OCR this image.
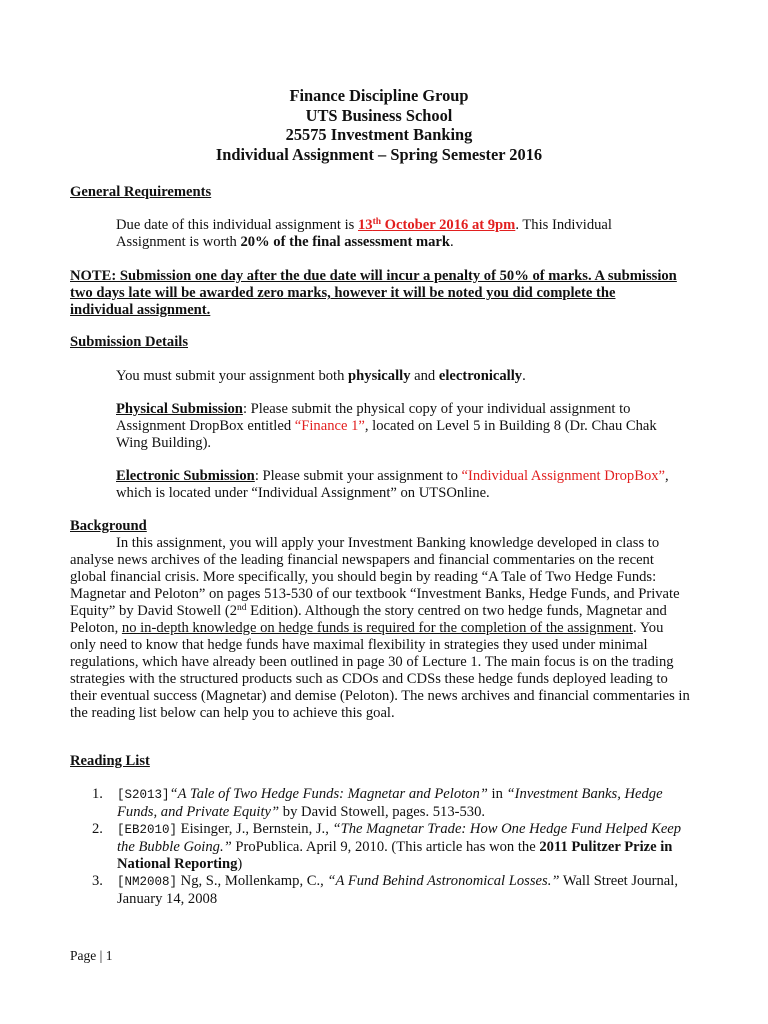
Finance Discipline Group
UTS Business School
25575 Investment Banking
Individual Assignment – Spring Semester 2016
General Requirements
Due date of this individual assignment is 13th October 2016 at 9pm. This Individual Assignment is worth 20% of the final assessment mark.
NOTE: Submission one day after the due date will incur a penalty of 50% of marks. A submission two days late will be awarded zero marks, however it will be noted you did complete the individual assignment.
Submission Details
You must submit your assignment both physically and electronically.
Physical Submission: Please submit the physical copy of your individual assignment to Assignment DropBox entitled “Finance 1”, located on Level 5 in Building 8 (Dr. Chau Chak Wing Building).
Electronic Submission: Please submit your assignment to “Individual Assignment DropBox”, which is located under “Individual Assignment” on UTSOnline.
Background
In this assignment, you will apply your Investment Banking knowledge developed in class to analyse news archives of the leading financial newspapers and financial commentaries on the recent global financial crisis. More specifically, you should begin by reading “A Tale of Two Hedge Funds: Magnetar and Peloton” on pages 513-530 of our textbook “Investment Banks, Hedge Funds, and Private Equity” by David Stowell (2nd Edition). Although the story centred on two hedge funds, Magnetar and Peloton, no in-depth knowledge on hedge funds is required for the completion of the assignment. You only need to know that hedge funds have maximal flexibility in strategies they used under minimal regulations, which have already been outlined in page 30 of Lecture 1. The main focus is on the trading strategies with the structured products such as CDOs and CDSs these hedge funds deployed leading to their eventual success (Magnetar) and demise (Peloton). The news archives and financial commentaries in the reading list below can help you to achieve this goal.
Reading List
1. [S2013]“A Tale of Two Hedge Funds: Magnetar and Peloton” in “Investment Banks, Hedge Funds, and Private Equity” by David Stowell, pages. 513-530.
2. [EB2010] Eisinger, J., Bernstein, J., “The Magnetar Trade: How One Hedge Fund Helped Keep the Bubble Going.” ProPublica. April 9, 2010. (This article has won the 2011 Pulitzer Prize in National Reporting)
3. [NM2008] Ng, S., Mollenkamp, C., “A Fund Behind Astronomical Losses.” Wall Street Journal, January 14, 2008
Page | 1
